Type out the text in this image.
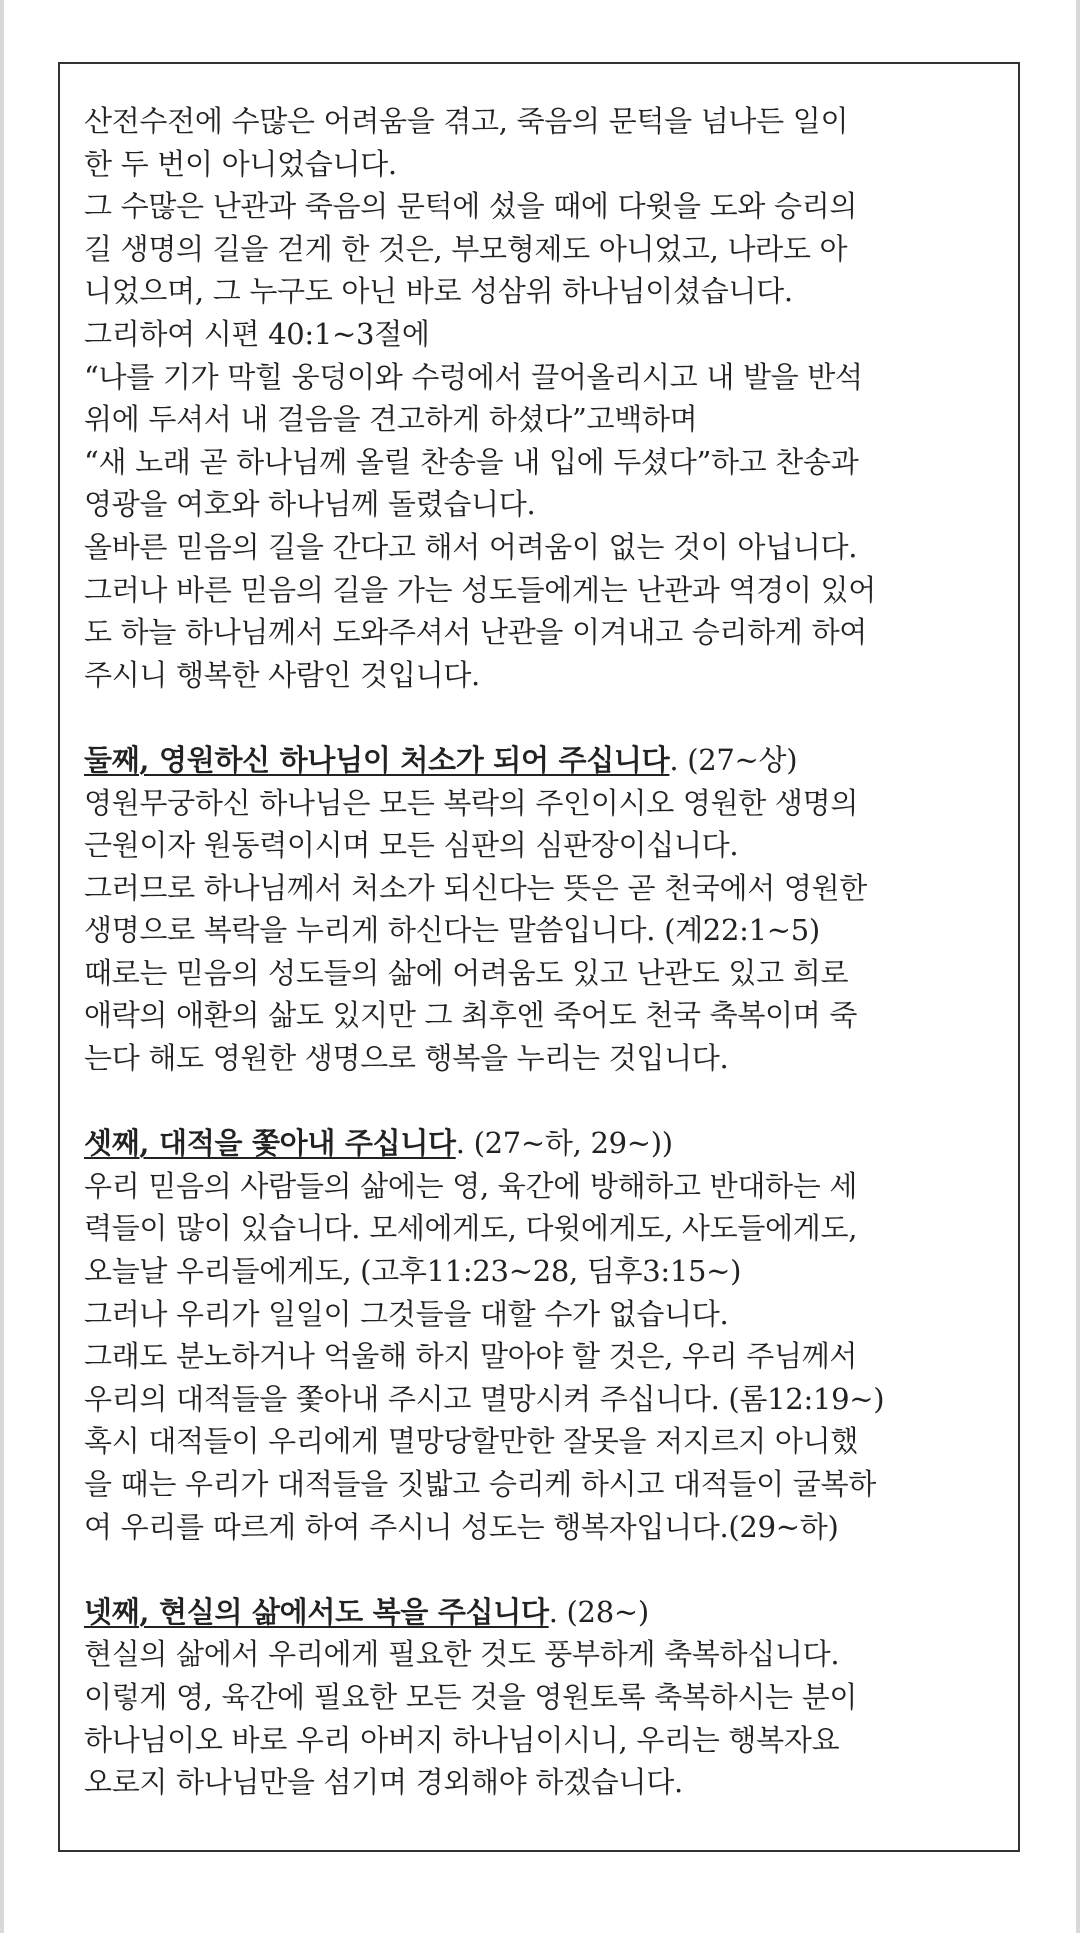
산전수전에 수많은 어려움을 겪고, 죽음의 문턱을 넘나든 일이
한 두 번이 아니었습니다.
그 수많은 난관과 죽음의 문턱에 섰을 때에 다윗을 도와 승리의
길 생명의 길을 걷게 한 것은, 부모형제도 아니었고, 나라도 아
니었으며, 그 누구도 아닌 바로 성삼위 하나님이셨습니다.
그리하여 시편 40:1~3절에
“나를 기가 막힐 웅덩이와 수렁에서 끌어올리시고 내 발을 반석
위에 두셔서 내 걸음을 견고하게 하셨다”고백하며
“새 노래 곧 하나님께 올릴 찬송을 내 입에 두셨다”하고 찬송과
영광을 여호와 하나님께 돌렸습니다.
올바른 믿음의 길을 간다고 해서 어려움이 없는 것이 아닙니다.
그러나 바른 믿음의 길을 가는 성도들에게는 난관과 역경이 있어
도 하늘 하나님께서 도와주셔서 난관을 이겨내고 승리하게 하여
주시니 행복한 사람인 것입니다.
둘째, 영원하신 하나님이 처소가 되어 주십니다. (27~상)
영원무궁하신 하나님은 모든 복락의 주인이시오 영원한 생명의
근원이자 원동력이시며 모든 심판의 심판장이십니다.
그러므로 하나님께서 처소가 되신다는 뜻은 곧 천국에서 영원한
생명으로 복락을 누리게 하신다는 말씀입니다. (계22:1~5)
때로는 믿음의 성도들의 삶에 어려움도 있고 난관도 있고 희로
애락의 애환의 삶도 있지만 그 최후엔 죽어도 천국 축복이며 죽
는다 해도 영원한 생명으로 행복을 누리는 것입니다.
셋째, 대적을 쫓아내 주십니다. (27~하, 29~))
우리 믿음의 사람들의 삶에는 영, 육간에 방해하고 반대하는 세
력들이 많이 있습니다. 모세에게도, 다윗에게도, 사도들에게도,
오늘날 우리들에게도, (고후11:23~28, 딤후3:15~)
그러나 우리가 일일이 그것들을 대할 수가 없습니다.
그래도 분노하거나 억울해 하지 말아야 할 것은, 우리 주님께서
우리의 대적들을 쫓아내 주시고 멸망시켜 주십니다. (롬12:19~)
혹시 대적들이 우리에게 멸망당할만한 잘못을 저지르지 아니했
을 때는 우리가 대적들을 짓밟고 승리케 하시고 대적들이 굴복하
여 우리를 따르게 하여 주시니 성도는 행복자입니다.(29~하)
넷째, 현실의 삶에서도 복을 주십니다. (28~)
현실의 삶에서 우리에게 필요한 것도 풍부하게 축복하십니다.
이렇게 영, 육간에 필요한 모든 것을 영원토록 축복하시는 분이
하나님이오 바로 우리 아버지 하나님이시니, 우리는 행복자요
오로지 하나님만을 섬기며 경외해야 하겠습니다.
